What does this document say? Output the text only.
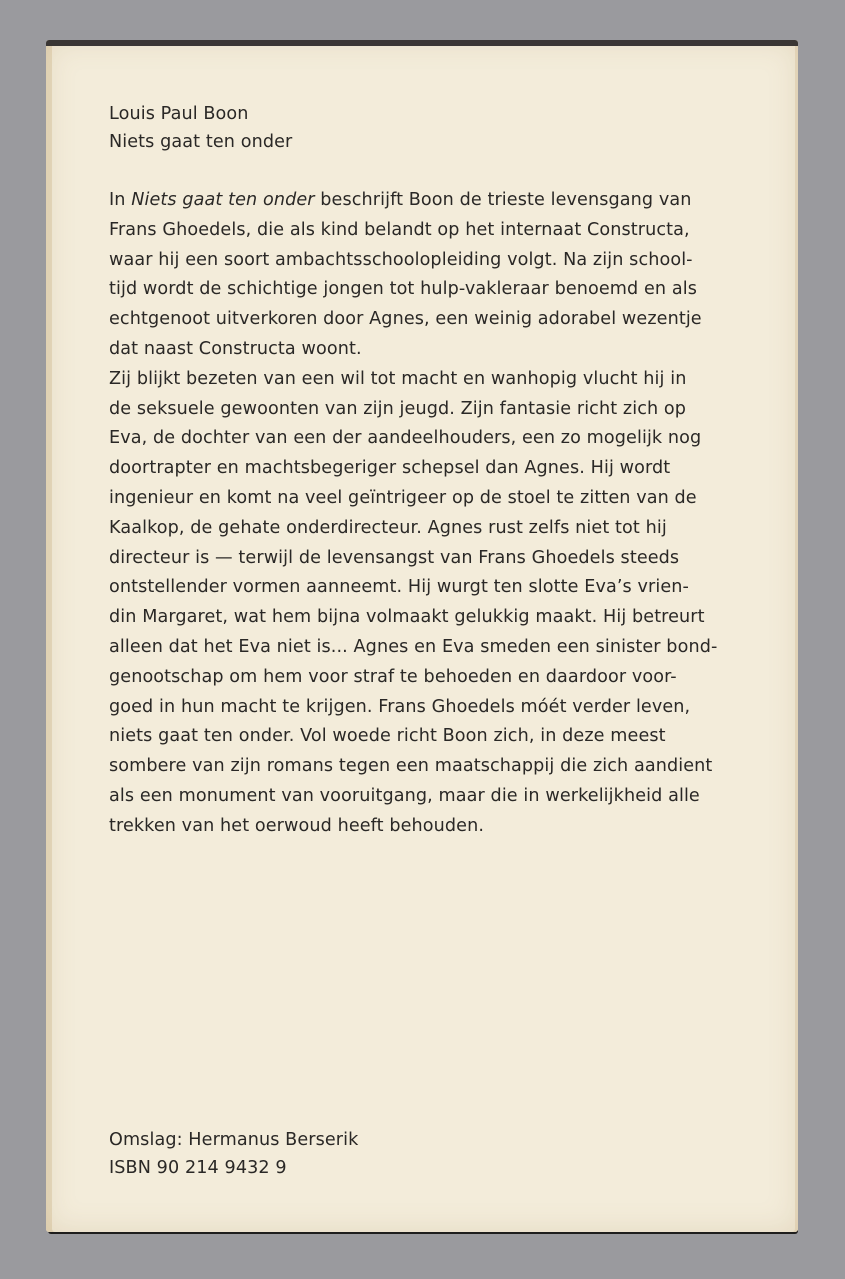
Louis Paul Boon
Niets gaat ten onder

In Niets gaat ten onder beschrijft Boon de trieste levensgang van

Frans Ghoedels, die als kind belandt op het internaat Constructa,

waar hij een soort ambachtsschoolopleiding volgt. Na zijn school-

tijd wordt de schichtige jongen tot hulp-vakleraar benoemd en als

echtgenoot uitverkoren door Agnes, een weinig adorabel wezentje

dat naast Constructa woont.

Zij blijkt bezeten van een wil tot macht en wanhopig vlucht hij in

de seksuele gewoonten van zijn jeugd. Zijn fantasie richt zich op

Eva, de dochter van een der aandeelhouders, een zo mogelijk nog

doortrapter en machtsbegeriger schepsel dan Agnes. Hij wordt

ingenieur en komt na veel geïntrigeer op de stoel te zitten van de

Kaalkop, de gehate onderdirecteur. Agnes rust zelfs niet tot hij

directeur is — terwijl de levensangst van Frans Ghoedels steeds

ontstellender vormen aanneemt. Hij wurgt ten slotte Eva’s vrien-

din Margaret, wat hem bijna volmaakt gelukkig maakt. Hij betreurt

alleen dat het Eva niet is... Agnes en Eva smeden een sinister bond-

genootschap om hem voor straf te behoeden en daardoor voor-

goed in hun macht te krijgen. Frans Ghoedels móét verder leven,

niets gaat ten onder. Vol woede richt Boon zich, in deze meest

sombere van zijn romans tegen een maatschappij die zich aandient

als een monument van vooruitgang, maar die in werkelijkheid alle

trekken van het oerwoud heeft behouden.

Omslag: Hermanus Berserik
ISBN 90 214 9432 9
